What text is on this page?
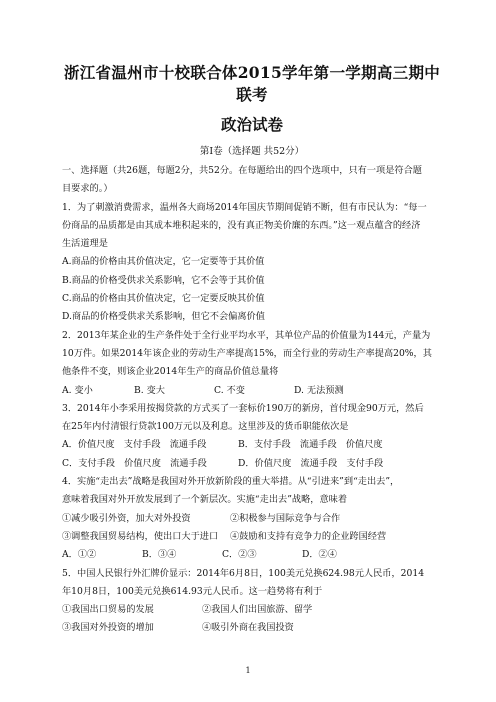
浙江省温州市十校联合体2015学年第一学期高三期中联考
政治试卷
第Ⅰ卷（选择题 共52分）

一、选择题（共26题，每题2分，共52分。在每题给出的四个选项中，只有一项是符合题

目要求的。）

1．为了刺激消费需求，温州各大商场2014年国庆节期间促销不断，但有市民认为：“每一

份商品的品质都是由其成本堆积起来的，没有真正物美价廉的东西。”这一观点蕴含的经济

生活道理是

A.商品的价格由其价值决定，它一定要等于其价值

B.商品的价格受供求关系影响，它不会等于其价值

C.商品的价格由其价值决定，它一定要反映其价值

D.商品的价格受供求关系影响，但它不会偏离价值

2．2013年某企业的生产条件处于全行业平均水平，其单位产品的价值量为144元，产量为

10万件。如果2014年该企业的劳动生产率提高15%，而全行业的劳动生产率提高20%，其

他条件不变，则该企业2014年生产的商品价值总量将

A. 变小	B. 变大	C. 不变	D. 无法预测

3．2014年小李采用按揭贷款的方式买了一套标价190万的新房，首付现金90万元，然后

在25年内付清银行贷款100万元以及利息。这里涉及的货币职能依次是

A．价值尺度　支付手段　流通手段	B．支付手段　流通手段　价值尺度
C．支付手段　价值尺度　流通手段	D．价值尺度　流通手段　支付手段

4．实施“走出去”战略是我国对外开放新阶段的重大举措。从“引进来”到“走出去”，

意味着我国对外开放发展到了一个新层次。实施“走出去”战略，意味着

①减少吸引外资，加大对外投资	②积极参与国际竞争与合作
③调整我国贸易结构，使出口大于进口	④鼓励和支持有竞争力的企业跨国经营
A．①②	B．③④	C．②③	D．②④

5．中国人民银行外汇牌价显示：2014年6月8日，100美元兑换624.98元人民币，2014

年10月8日，100美元兑换614.93元人民币。这一趋势将有利于

①我国出口贸易的发展	②我国人们出国旅游、留学
③我国对外投资的增加	④吸引外商在我国投资
1
